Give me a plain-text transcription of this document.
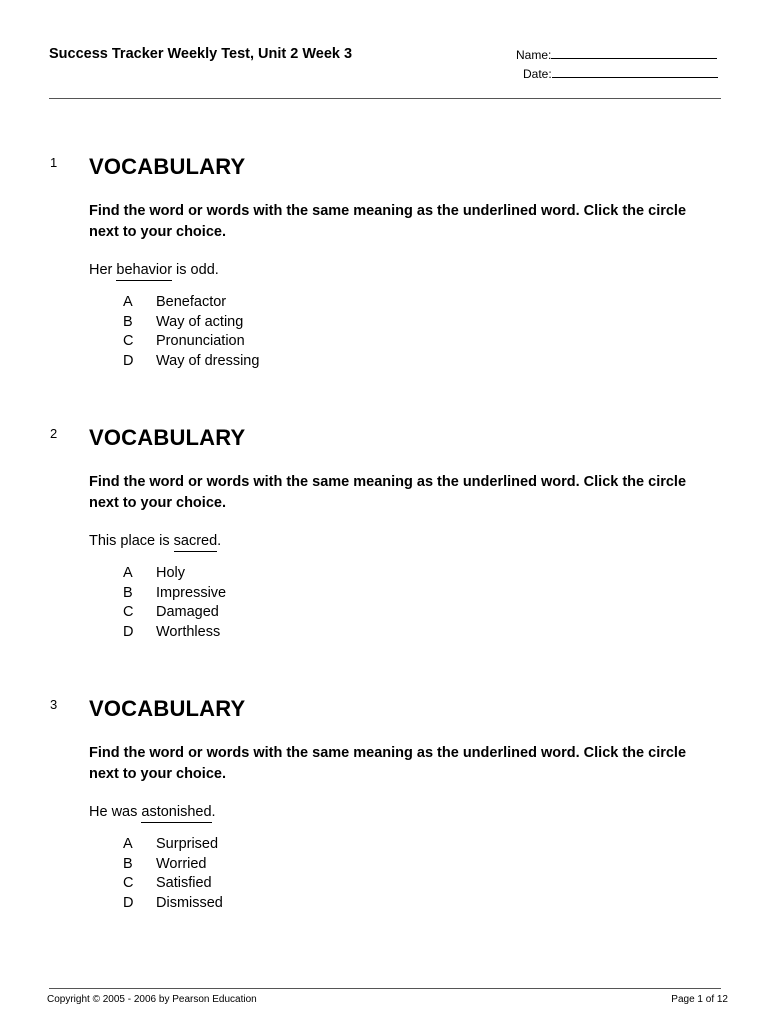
Success Tracker Weekly Test, Unit 2 Week 3	Name:
Date:
1 VOCABULARY
Find the word or words with the same meaning as the underlined word. Click the circle next to your choice.
Her behavior is odd.
A Benefactor
B Way of acting
C Pronunciation
D Way of dressing
2 VOCABULARY
Find the word or words with the same meaning as the underlined word. Click the circle next to your choice.
This place is sacred.
A Holy
B Impressive
C Damaged
D Worthless
3 VOCABULARY
Find the word or words with the same meaning as the underlined word. Click the circle next to your choice.
He was astonished.
A Surprised
B Worried
C Satisfied
D Dismissed
Copyright © 2005 - 2006 by Pearson Education	Page 1 of 12
